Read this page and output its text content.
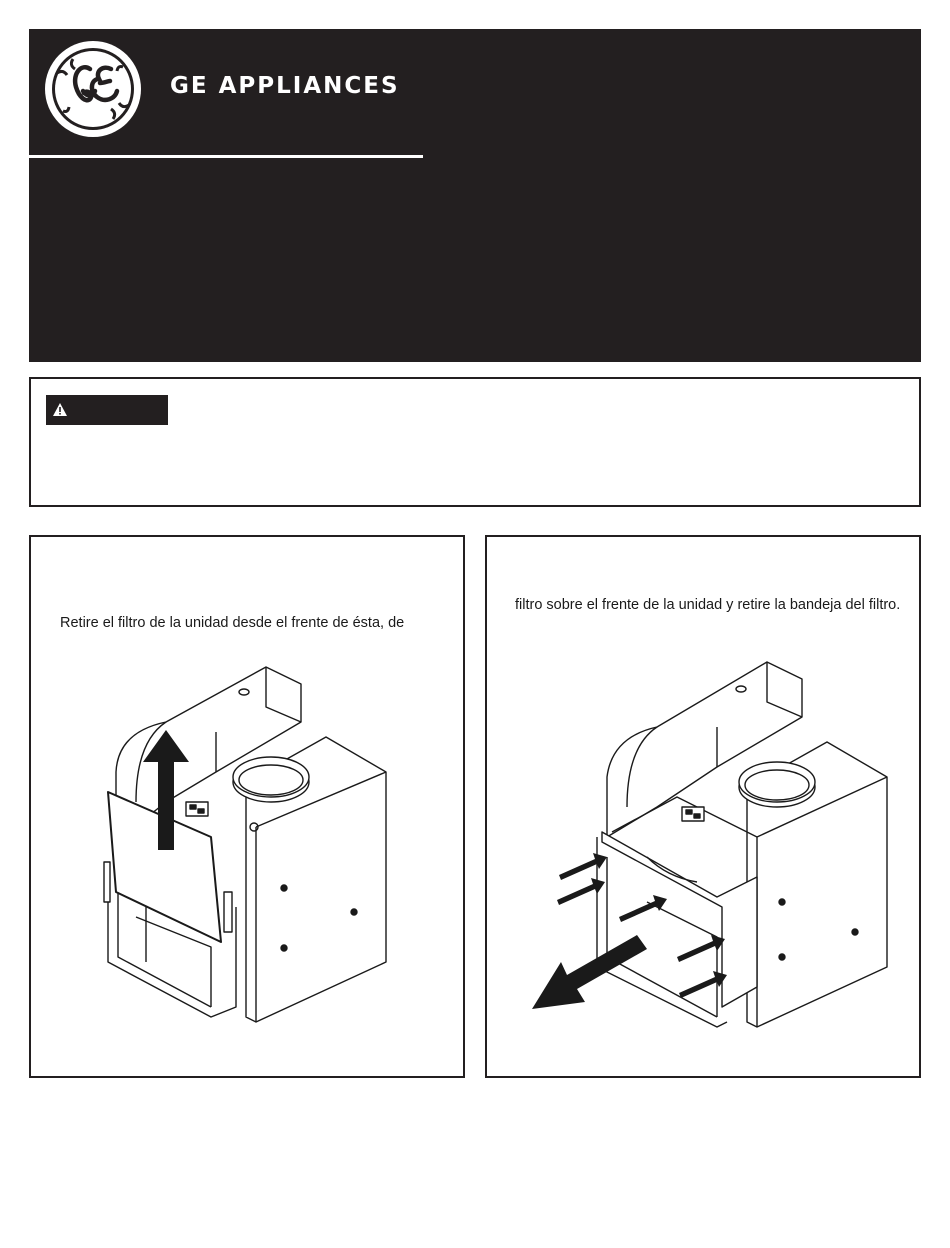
GE APPLIANCES
Retire el filtro de la unidad desde el frente de ésta, de
filtro sobre el frente de la unidad y retire la bandeja del filtro.
